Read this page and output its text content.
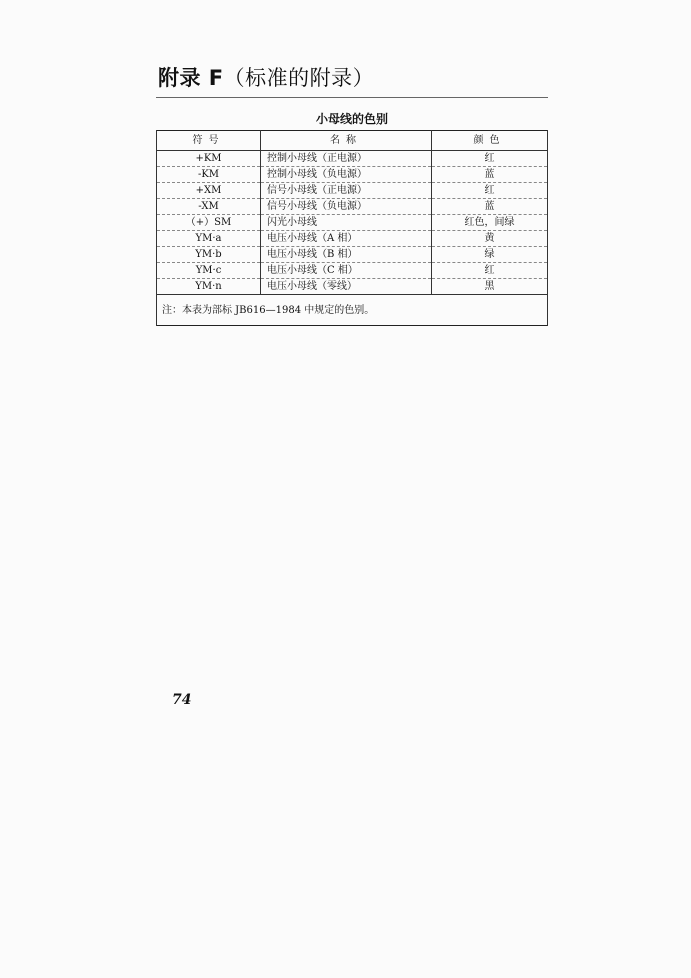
附录 F（标准的附录）
小母线的色别
符号	名称	颜色
+KM	控制小母线（正电源）	红
-KM	控制小母线（负电源）	蓝
+XM	信号小母线（正电源）	红
-XM	信号小母线（负电源）	蓝
（+）SM	闪光小母线	红色，间绿
YM·a	电压小母线（A 相）	黄
YM·b	电压小母线（B 相）	绿
YM·c	电压小母线（C 相）	红
YM·n	电压小母线（零线）	黑
注：本表为部标 JB616—1984 中规定的色别。		
74
